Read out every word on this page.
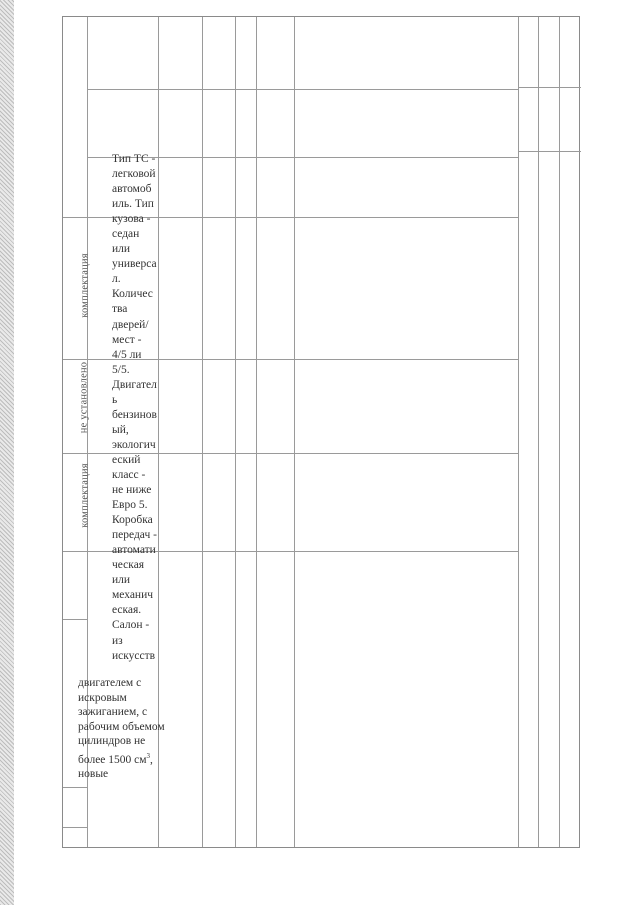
двигателем с
искровым
зажиганием, с
рабочим объемом
цилиндров не
более 1500 $см^3$,
новые
комплектация
не установлено
комплектация
Тип ТС -
легковой
автомоб
иль. Тип
кузова -
седан
или
универса
л.
Количес
тва
дверей/
мест -
4/5 ли
5/5.
Двигател
ь
бензинов
ый,
экологич
еский
класс -
не ниже
Евро 5.
Коробка
передач -
автомати
ческая
или
механич
еская.
Салон -
из
искусств
